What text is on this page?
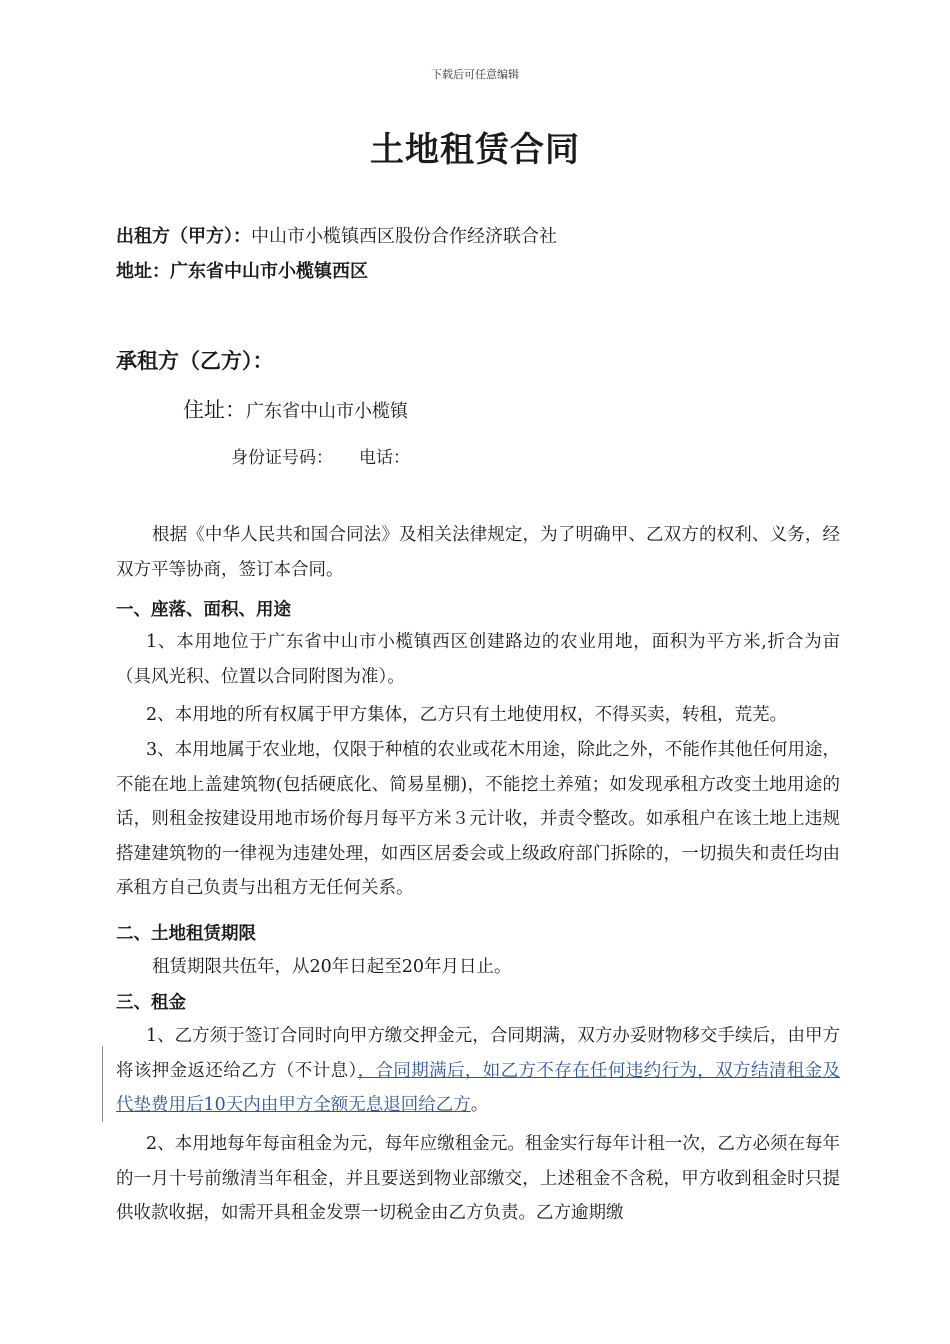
下载后可任意编辑

土地租赁合同

出租方（甲方）：中山市小榄镇西区股份合作经济联合社

地址：广东省中山市小榄镇西区

承租方（乙方）：

住址：广东省中山市小榄镇

身份证号码： 电话：

根据《中华人民共和国合同法》及相关法律规定，为了明确甲、乙双方的权利、义务，经双方平等协商，签订本合同。

一、座落、面积、用途

1、本用地位于广东省中山市小榄镇西区创建路边的农业用地，面积为平方米,折合为亩（具风光积、位置以合同附图为准）。

2、本用地的所有权属于甲方集体，乙方只有土地使用权，不得买卖，转租，荒芜。

3、本用地属于农业地，仅限于种植的农业或花木用途，除此之外，不能作其他任何用途，不能在地上盖建筑物(包括硬底化、简易星棚)，不能挖土养殖；如发现承租方改变土地用途的话，则租金按建设用地市场价每月每平方米３元计收，并责令整改。如承租户在该土地上违规搭建建筑物的一律视为违建处理，如西区居委会或上级政府部门拆除的，一切损失和责任均由承租方自己负责与出租方无任何关系。

二、土地租赁期限

租赁期限共伍年，从20年日起至20年月日止。

三、租金

1、乙方须于签订合同时向甲方缴交押金元，合同期满，双方办妥财物移交手续后，由甲方将该押金返还给乙方（不计息），合同期满后，如乙方不存在任何违约行为，双方结清租金及代垫费用后10天内由甲方全额无息退回给乙方。

2、本用地每年每亩租金为元，每年应缴租金元。租金实行每年计租一次，乙方必须在每年的一月十号前缴清当年租金，并且要送到物业部缴交，上述租金不含税，甲方收到租金时只提供收款收据，如需开具租金发票一切税金由乙方负责。乙方逾期缴
